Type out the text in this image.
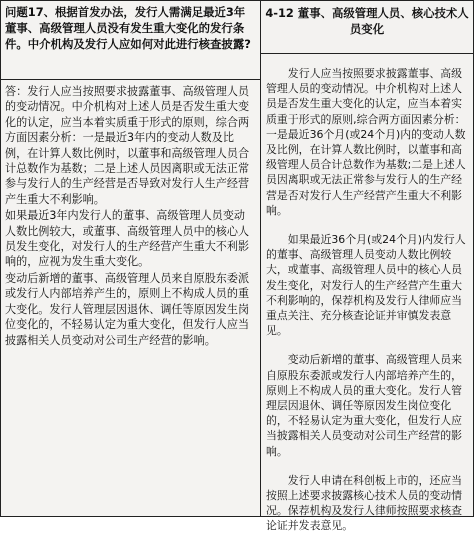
问题17、根据首发办法，发行人需满足最近3年董事、高级管理人员没有发生重大变化的发行条件。中介机构及发行人应如何对此进行核查披露?

答：发行人应当按照要求披露董事、高级管理人员的变动情况。中介机构对上述人员是否发生重大变化的认定，应当本着实质重于形式的原则，综合两方面因素分析：一是最近3年内的变动人数及比例，在计算人数比例时，以董事和高级管理人员合计总数作为基数；二是上述人员因离职或无法正常参与发行人的生产经营是否导致对发行人生产经营产生重大不利影响。

如果最近3年内发行人的董事、高级管理人员变动人数比例较大，或董事、高级管理人员中的核心人员发生变化，对发行人的生产经营产生重大不利影响的，应视为发生重大变化。

变动后新增的董事、高级管理人员来自原股东委派或发行人内部培养产生的，原则上不构成人员的重大变化。发行人管理层因退休、调任等原因发生岗位变化的，不轻易认定为重大变化，但发行人应当披露相关人员变动对公司生产经营的影响。

4-12 董事、高级管理人员、核心技术人员变化

发行人应当按照要求披露董事、高级管理人员的变动情况。中介机构对上述人员是否发生重大变化的认定，应当本着实质重于形式的原则,综合两方面因素分析：一是最近36个月(或24个月)内的变动人数及比例，在计算人数比例时，以董事和高级管理人员合计总数作为基数;二是上述人员因离职或无法正常参与发行人的生产经营是否对发行人生产经营产生重大不利影响。

如果最近36个月(或24个月)内发行人的董事、高级管理人员变动人数比例较大，或董事、高级管理人员中的核心人员发生变化，对发行人的生产经营产生重大不利影响的，保荐机构及发行人律师应当重点关注、充分核查论证并审慎发表意见。

变动后新增的董事、高级管理人员来自原股东委派或发行人内部培养产生的，原则上不构成人员的重大变化。发行人管理层因退休、调任等原因发生岗位变化的，不轻易认定为重大变化，但发行人应当披露相关人员变动对公司生产经营的影响。

发行人申请在科创板上市的，还应当按照上述要求披露核心技术人员的变动情况。保荐机构及发行人律师按照要求核查论证并发表意见。
